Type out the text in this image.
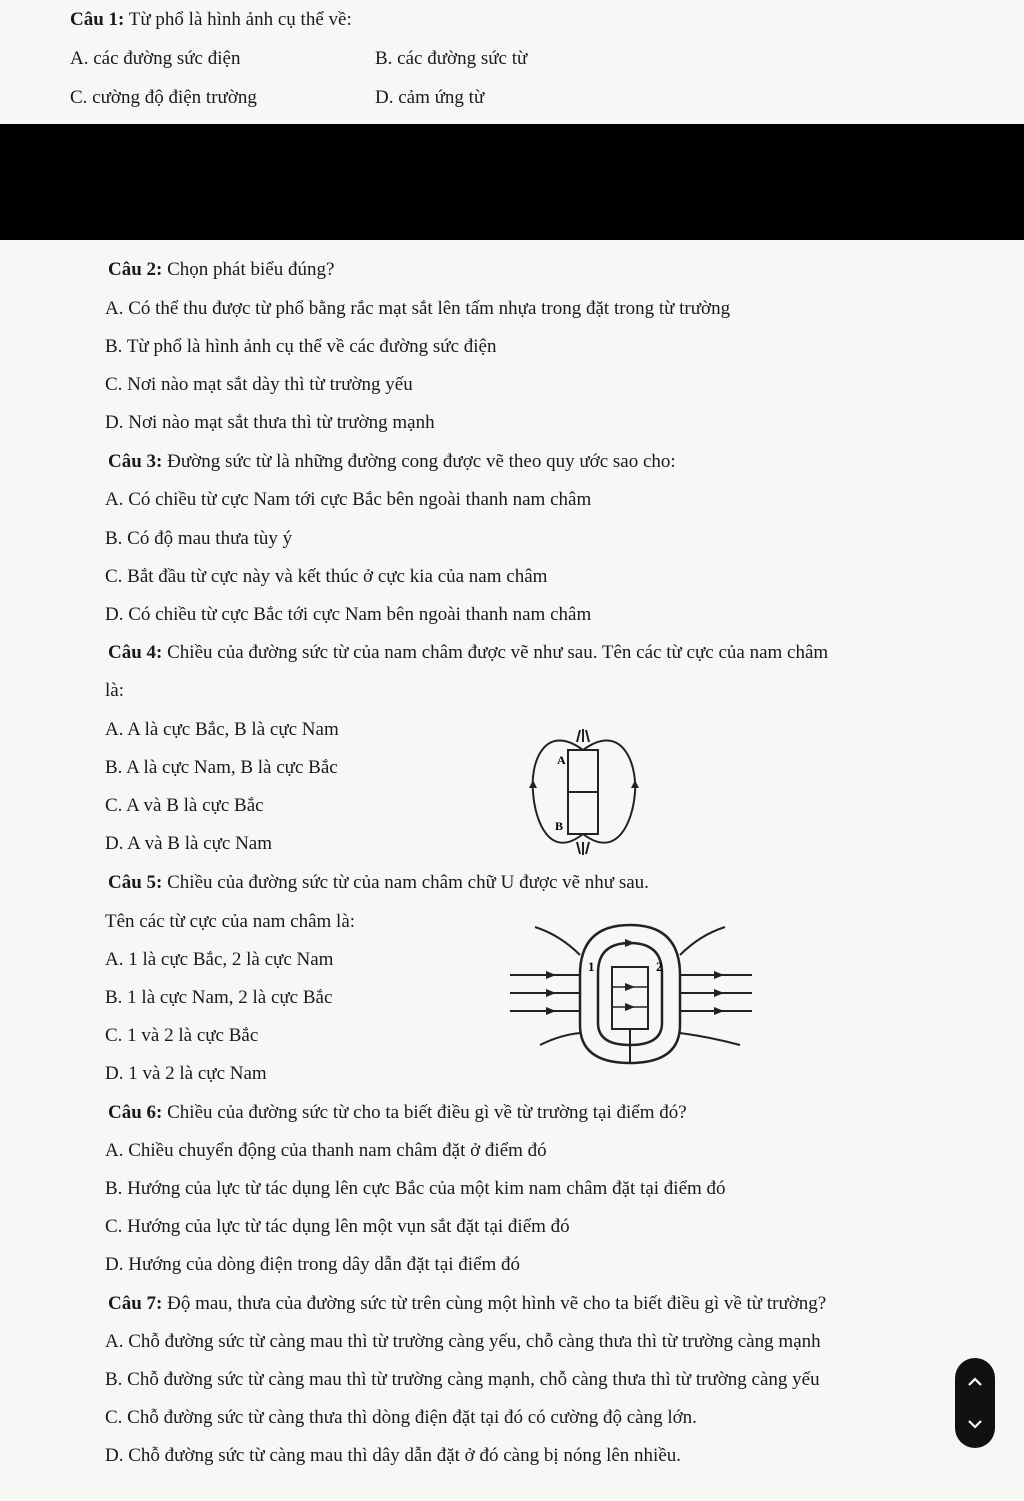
Câu 1: Từ phổ là hình ảnh cụ thể về:
A. các đường sức điện	B. các đường sức từ
C. cường độ điện trường	D. cảm ứng từ
Câu 2: Chọn phát biểu đúng?
A. Có thể thu được từ phổ bằng rắc mạt sắt lên tấm nhựa trong đặt trong từ trường
B. Từ phổ là hình ảnh cụ thể về các đường sức điện
C. Nơi nào mạt sắt dày thì từ trường yếu
D. Nơi nào mạt sắt thưa thì từ trường mạnh
Câu 3: Đường sức từ là những đường cong được vẽ theo quy ước sao cho:
A. Có chiều từ cực Nam tới cực Bắc bên ngoài thanh nam châm
B. Có độ mau thưa tùy ý
C. Bắt đầu từ cực này và kết thúc ở cực kia của nam châm
D. Có chiều từ cực Bắc tới cực Nam bên ngoài thanh nam châm
Câu 4: Chiều của đường sức từ của nam châm được vẽ như sau. Tên các từ cực của nam châm
là:
A. A là cực Bắc, B là cực Nam
B. A là cực Nam, B là cực Bắc
C. A và B là cực Bắc
D. A và B là cực Nam
A
B
Câu 5: Chiều của đường sức từ của nam châm chữ U được vẽ như sau.
Tên các từ cực của nam châm là:
A. 1 là cực Bắc, 2 là cực Nam
B. 1 là cực Nam, 2 là cực Bắc
C. 1 và 2 là cực Bắc
D. 1 và 2 là cực Nam
1	2
Câu 6: Chiều của đường sức từ cho ta biết điều gì về từ trường tại điểm đó?
A. Chiều chuyển động của thanh nam châm đặt ở điểm đó
B. Hướng của lực từ tác dụng lên cực Bắc của một kim nam châm đặt tại điểm đó
C. Hướng của lực từ tác dụng lên một vụn sắt đặt tại điểm đó
D. Hướng của dòng điện trong dây dẫn đặt tại điểm đó
Câu 7: Độ mau, thưa của đường sức từ trên cùng một hình vẽ cho ta biết điều gì về từ trường?
A. Chỗ đường sức từ càng mau thì từ trường càng yếu, chỗ càng thưa thì từ trường càng mạnh
B. Chỗ đường sức từ càng mau thì từ trường càng mạnh, chỗ càng thưa thì từ trường càng yếu
C. Chỗ đường sức từ càng thưa thì dòng điện đặt tại đó có cường độ càng lớn.
D. Chỗ đường sức từ càng mau thì dây dẫn đặt ở đó càng bị nóng lên nhiều.
